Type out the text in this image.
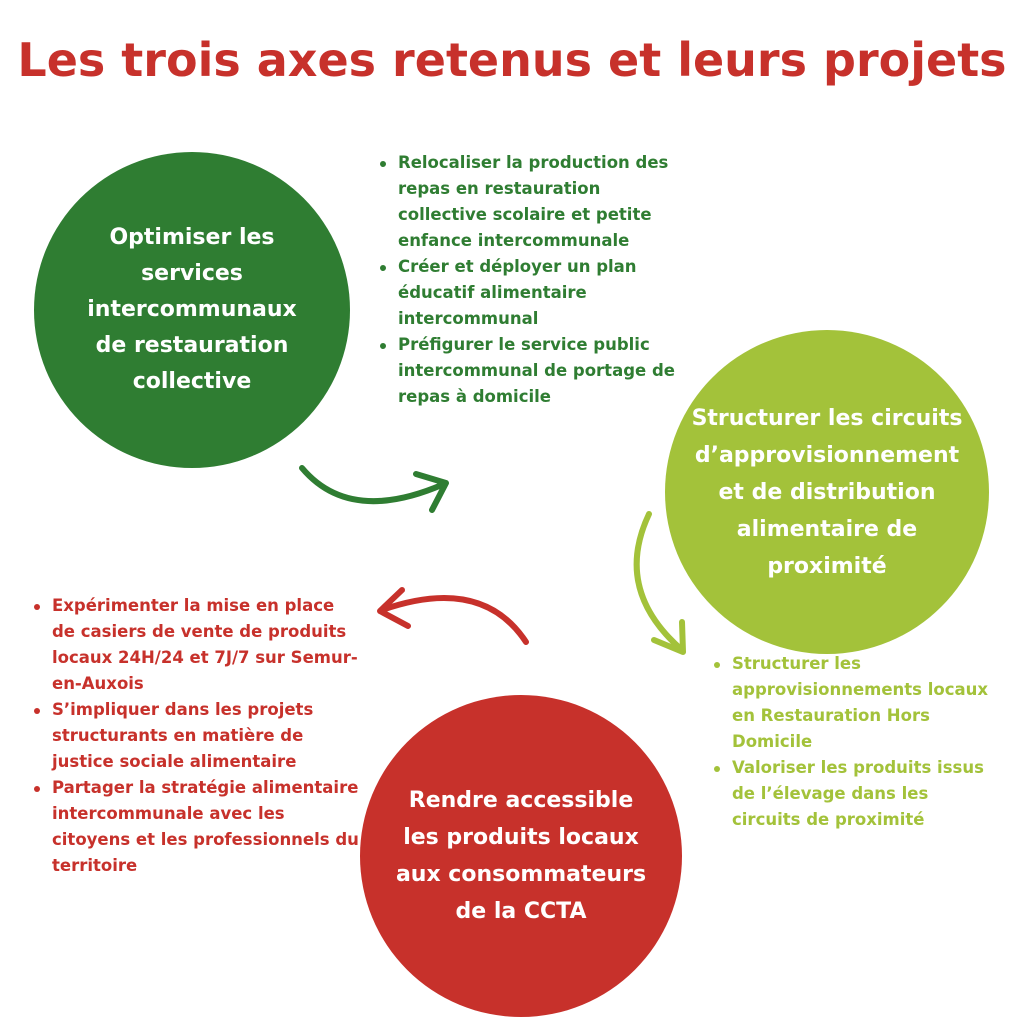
Les trois axes retenus et leurs projets
Optimiser les
services
intercommunaux
de restauration
collective
Structurer les circuits
d’approvisionnement
et de distribution
alimentaire de
proximité
Rendre accessible
les produits locaux
aux consommateurs
de la CCTA
Relocaliser la production des repas en restauration collective scolaire et petite enfance intercommunale
Créer et déployer un plan éducatif alimentaire intercommunal
Préfigurer le service public intercommunal de portage de repas à domicile
Structurer les approvisionnements locaux en Restauration Hors Domicile
Valoriser les produits issus de l’élevage dans les circuits de proximité
Expérimenter la mise en place de casiers de vente de produits locaux 24H/24 et 7J/7 sur Semur-en-Auxois
S’impliquer dans les projets structurants en matière de justice sociale alimentaire
Partager la stratégie alimentaire intercommunale avec les citoyens et les professionnels du territoire
